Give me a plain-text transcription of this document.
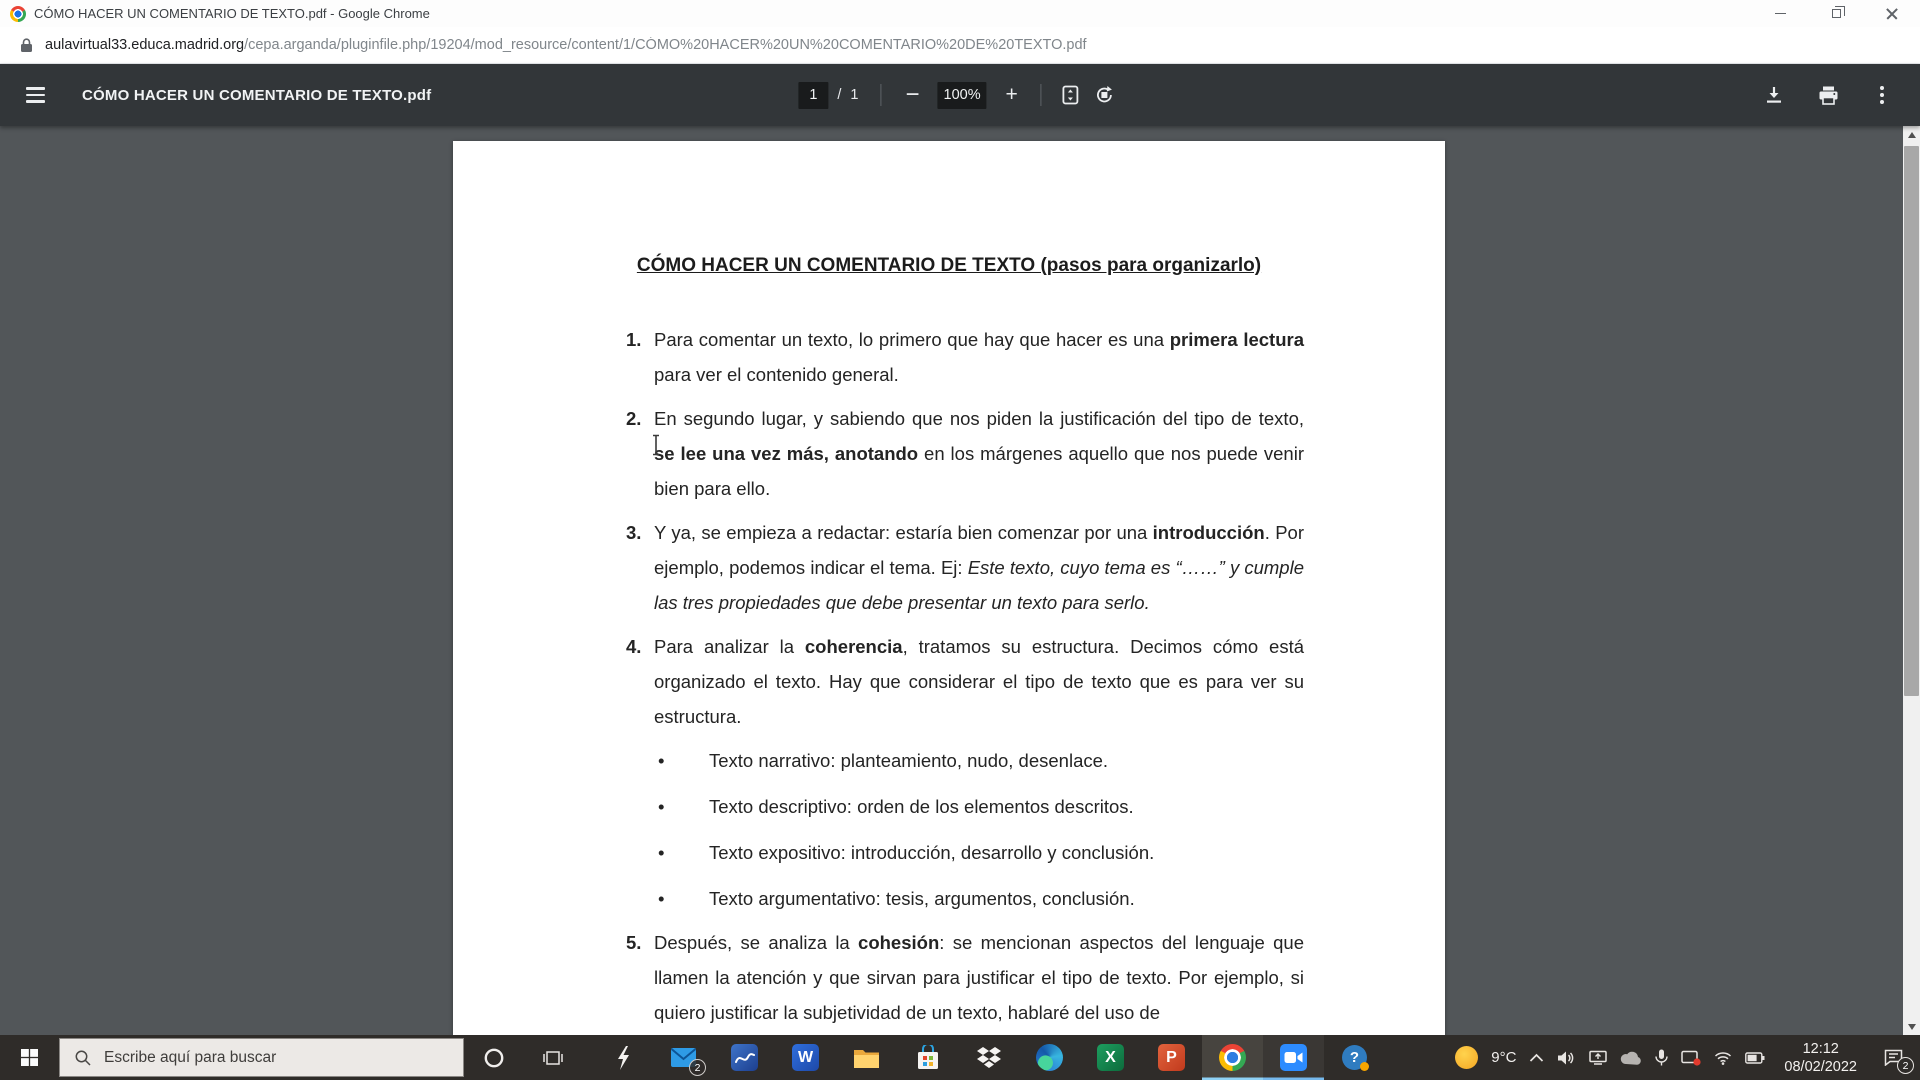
CÓMO HACER UN COMENTARIO DE TEXTO.pdf - Google Chrome
aulavirtual33.educa.madrid.org/cepa.arganda/pluginfile.php/19204/mod_resource/content/1/CÓMO%20HACER%20UN%20COMENTARIO%20DE%20TEXTO.pdf
CÓMO HACER UN COMENTARIO DE TEXTO.pdf	1	/ 1	−	100%	+
CÓMO HACER UN COMENTARIO DE TEXTO (pasos para organizarlo)
1. Para comentar un texto, lo primero que hay que hacer es una primera lectura para ver el contenido general.

2. En segundo lugar, y sabiendo que nos piden la justificación del tipo de texto, se lee una vez más, anotando en los márgenes aquello que nos puede venir bien para ello.

3. Y ya, se empieza a redactar: estaría bien comenzar por una introducción. Por ejemplo, podemos indicar el tema. Ej: Este texto, cuyo tema es “……” y cumple las tres propiedades que debe presentar un texto para serlo.

4. Para analizar la coherencia, tratamos su estructura. Decimos cómo está organizado el texto. Hay que considerar el tipo de texto que es para ver su estructura.

•	Texto narrativo: planteamiento, nudo, desenlace.
•	Texto descriptivo: orden de los elementos descritos.
•	Texto expositivo: introducción, desarrollo y conclusión.
•	Texto argumentativo: tesis, argumentos, conclusión.
5. Después, se analiza la cohesión: se mencionan aspectos del lenguaje que llamen la atención y que sirvan para justificar el tipo de texto. Por ejemplo, si quiero justificar la subjetividad de un texto, hablaré del uso de

Escribe aquí para buscar
2
W	X	P	?	9°C
12:12
08/02/2022	2
